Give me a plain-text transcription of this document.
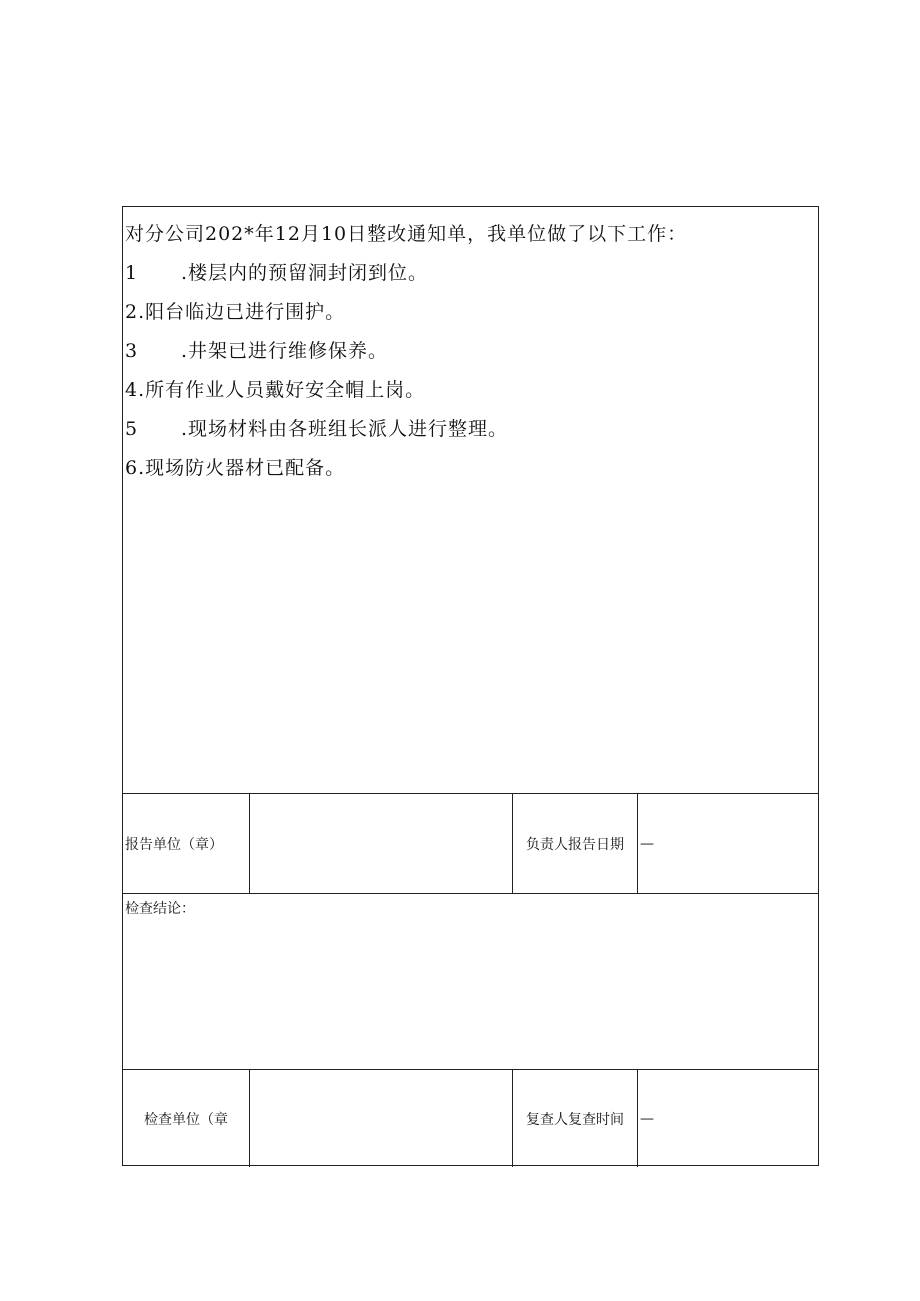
对分公司202*年12月10日整改通知单，我单位做了以下工作：
1 .楼层内的预留洞封闭到位。
2.阳台临边已进行围护。
3 .井架已进行维修保养。
4.所有作业人员戴好安全帽上岗。
5 .现场材料由各班组长派人进行整理。
6.现场防火器材已配备。
报告单位（章）	负责人报告日期	—
检查结论：
检查单位（章	复查人复查时间	—
